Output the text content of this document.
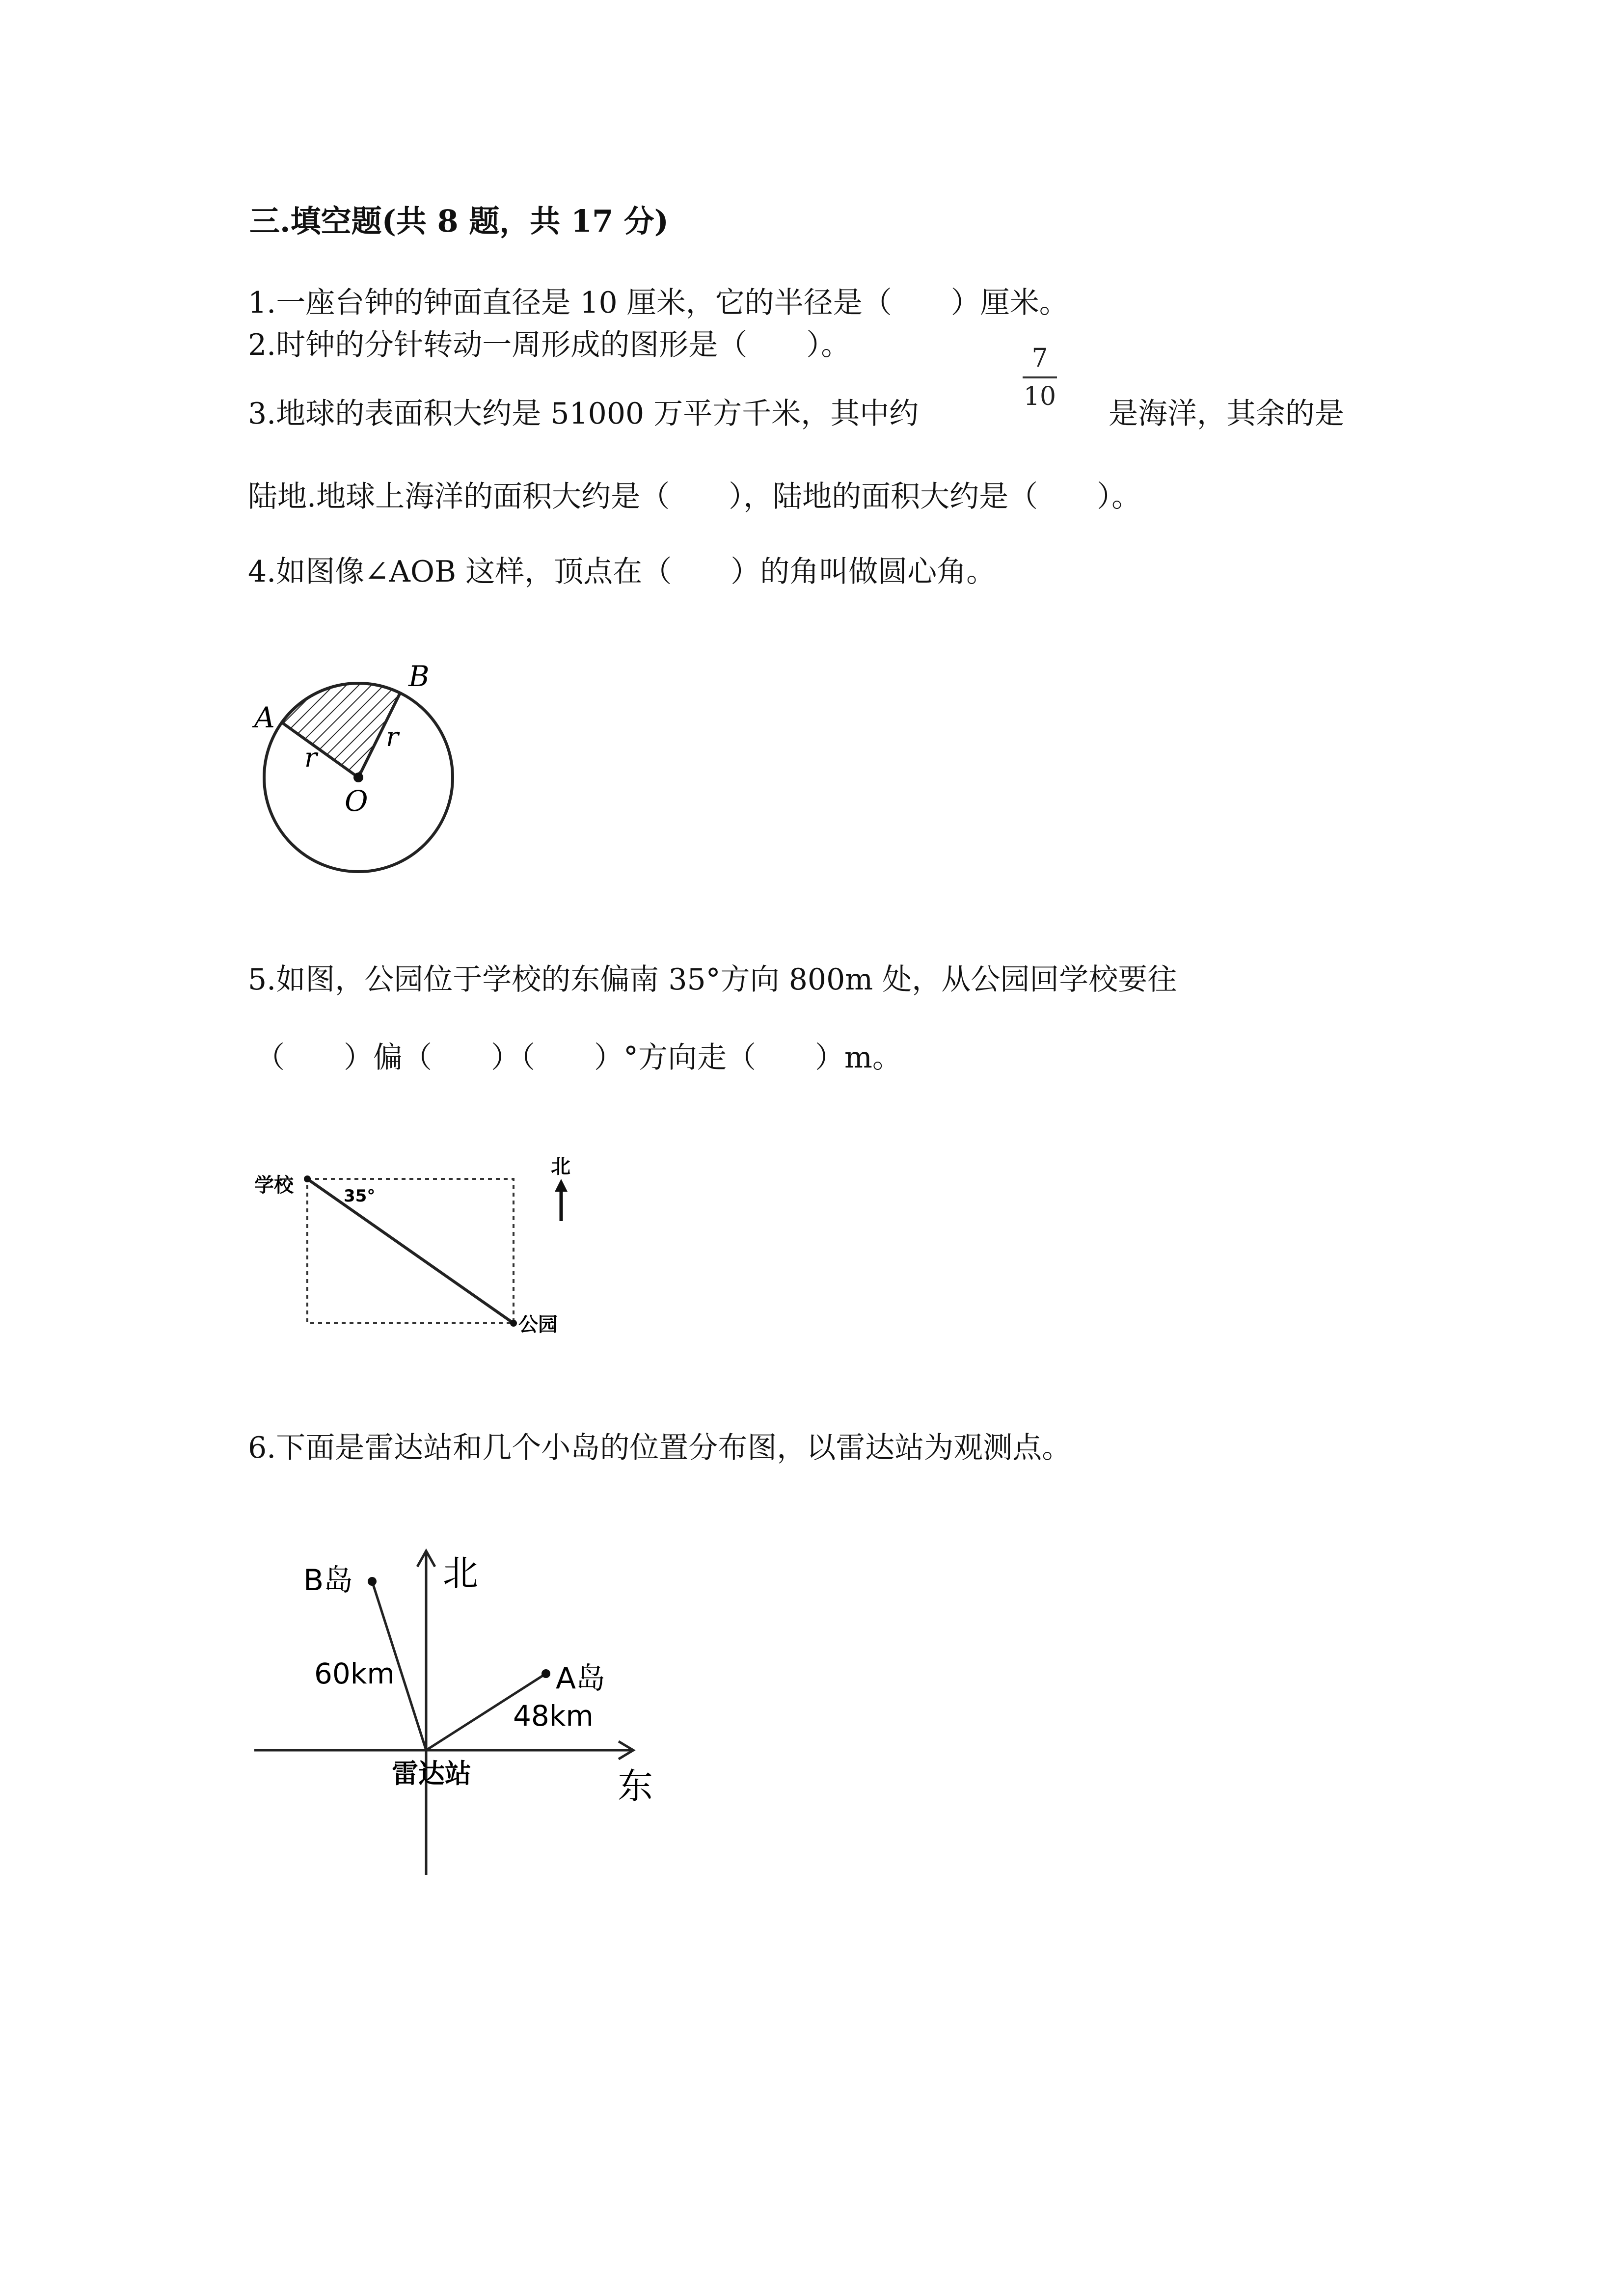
三.填空题(共 8 题，共 17 分)
1.一座台钟的钟面直径是 10 厘米，它的半径是（　　）厘米。
2.时钟的分针转动一周形成的图形是（　　）。
3.地球的表面积大约是 51000 万平方千米，其中约
7
10 是海洋，其余的是
陆地.地球上海洋的面积大约是（　　），陆地的面积大约是（　　）。
4.如图像∠AOB 这样，顶点在（　　）的角叫做圆心角。
A
B
O
r
r
5.如图，公园位于学校的东偏南 35°方向 800m 处，从公园回学校要往
（　　）偏（　　）（　　）°方向走（　　）m。
学校
公园
35°
北
6.下面是雷达站和几个小岛的位置分布图，以雷达站为观测点。
B岛
A岛
60km
48km
北
东
雷达站
